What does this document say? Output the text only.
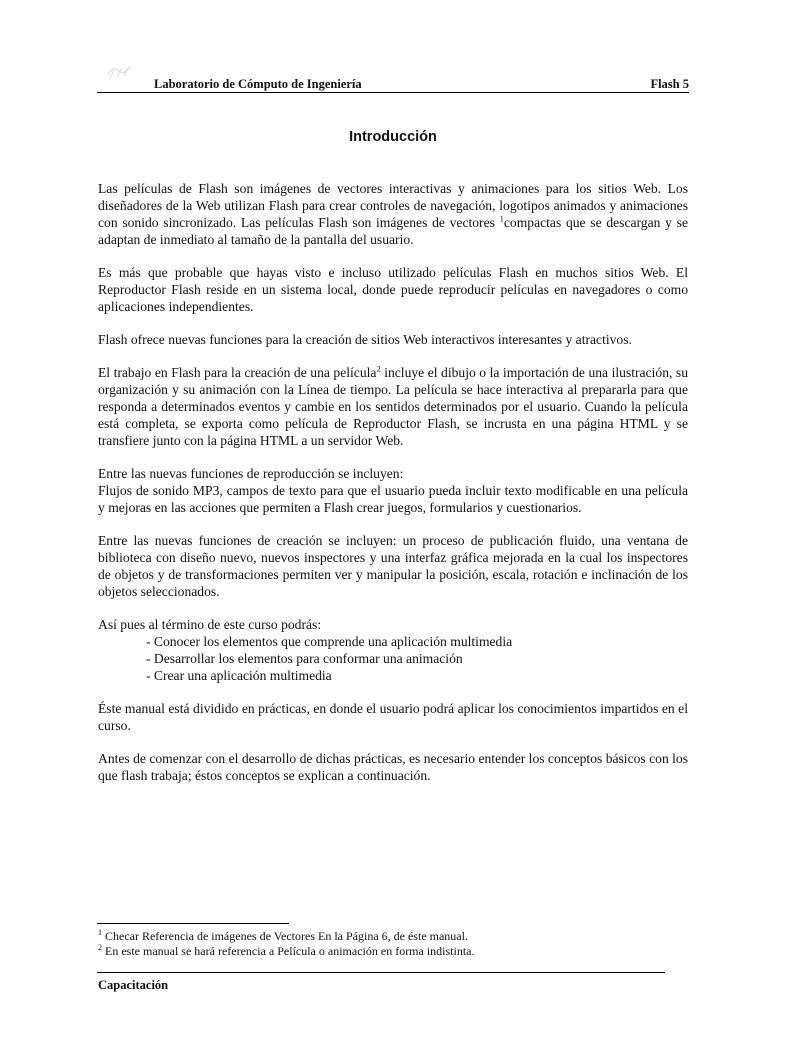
Laboratorio de Cómputo de Ingeniería	Flash 5
Introducción

Las películas de Flash son imágenes de vectores interactivas y animaciones para los sitios Web. Los diseñadores de la Web utilizan Flash para crear controles de navegación, logotipos animados y animaciones con sonido sincronizado. Las películas Flash son imágenes de vectores $^1$compactas que se descargan y se adaptan de inmediato al tamaño de la pantalla del usuario.

Es más que probable que hayas visto e incluso utilizado películas Flash en muchos sitios Web. El Reproductor Flash reside en un sistema local, donde puede reproducir películas en navegadores o como aplicaciones independientes.

Flash ofrece nuevas funciones para la creación de sitios Web interactivos interesantes y atractivos.

El trabajo en Flash para la creación de una película$^2$ incluye el dibujo o la importación de una ilustración, su organización y su animación con la Línea de tiempo. La película se hace interactiva al prepararla para que responda a determinados eventos y cambie en los sentidos determinados por el usuario. Cuando la película está completa, se exporta como película de Reproductor Flash, se incrusta en una página HTML y se transfiere junto con la página HTML a un servidor Web.

Entre las nuevas funciones de reproducción se incluyen:
Flujos de sonido MP3, campos de texto para que el usuario pueda incluir texto modificable en una película y mejoras en las acciones que permiten a Flash crear juegos, formularios y cuestionarios.

Entre las nuevas funciones de creación se incluyen: un proceso de publicación fluido, una ventana de biblioteca con diseño nuevo, nuevos inspectores y una interfaz gráfica mejorada en la cual los inspectores de objetos y de transformaciones permiten ver y manipular la posición, escala, rotación e inclinación de los objetos seleccionados.

Así pues al término de este curso podrás:

- Conocer los elementos que comprende una aplicación multimedia
- Desarrollar los elementos para conformar una animación
- Crear una aplicación multimedia

Éste manual está dividido en prácticas, en donde el usuario podrá aplicar los conocimientos impartidos en el curso.

Antes de comenzar con el desarrollo de dichas prácticas, es necesario entender los conceptos básicos con los que flash trabaja; éstos conceptos se explican a continuación.

$^1$ Checar Referencia de imágenes de Vectores En la Página 6, de éste manual.
$^2$ En este manual se hará referencia a Película o animación en forma indistinta.
Capacitación
